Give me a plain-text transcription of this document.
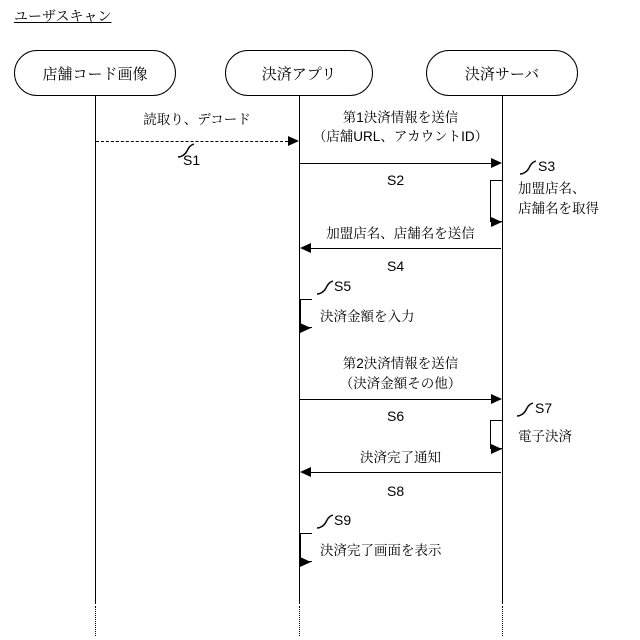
ユーザスキャン
店舗コード画像	決済アプリ	決済サーバ
読取り、デコード
S1
第1決済情報を送信
（店舗URL、アカウントID）
S2
S3
加盟店名、
店舗名を取得
加盟店名、店舗名を送信
S4
S5
決済金額を入力
第2決済情報を送信
（決済金額その他）
S6	S7
電子決済
決済完了通知
S8
S9
決済完了画面を表示
